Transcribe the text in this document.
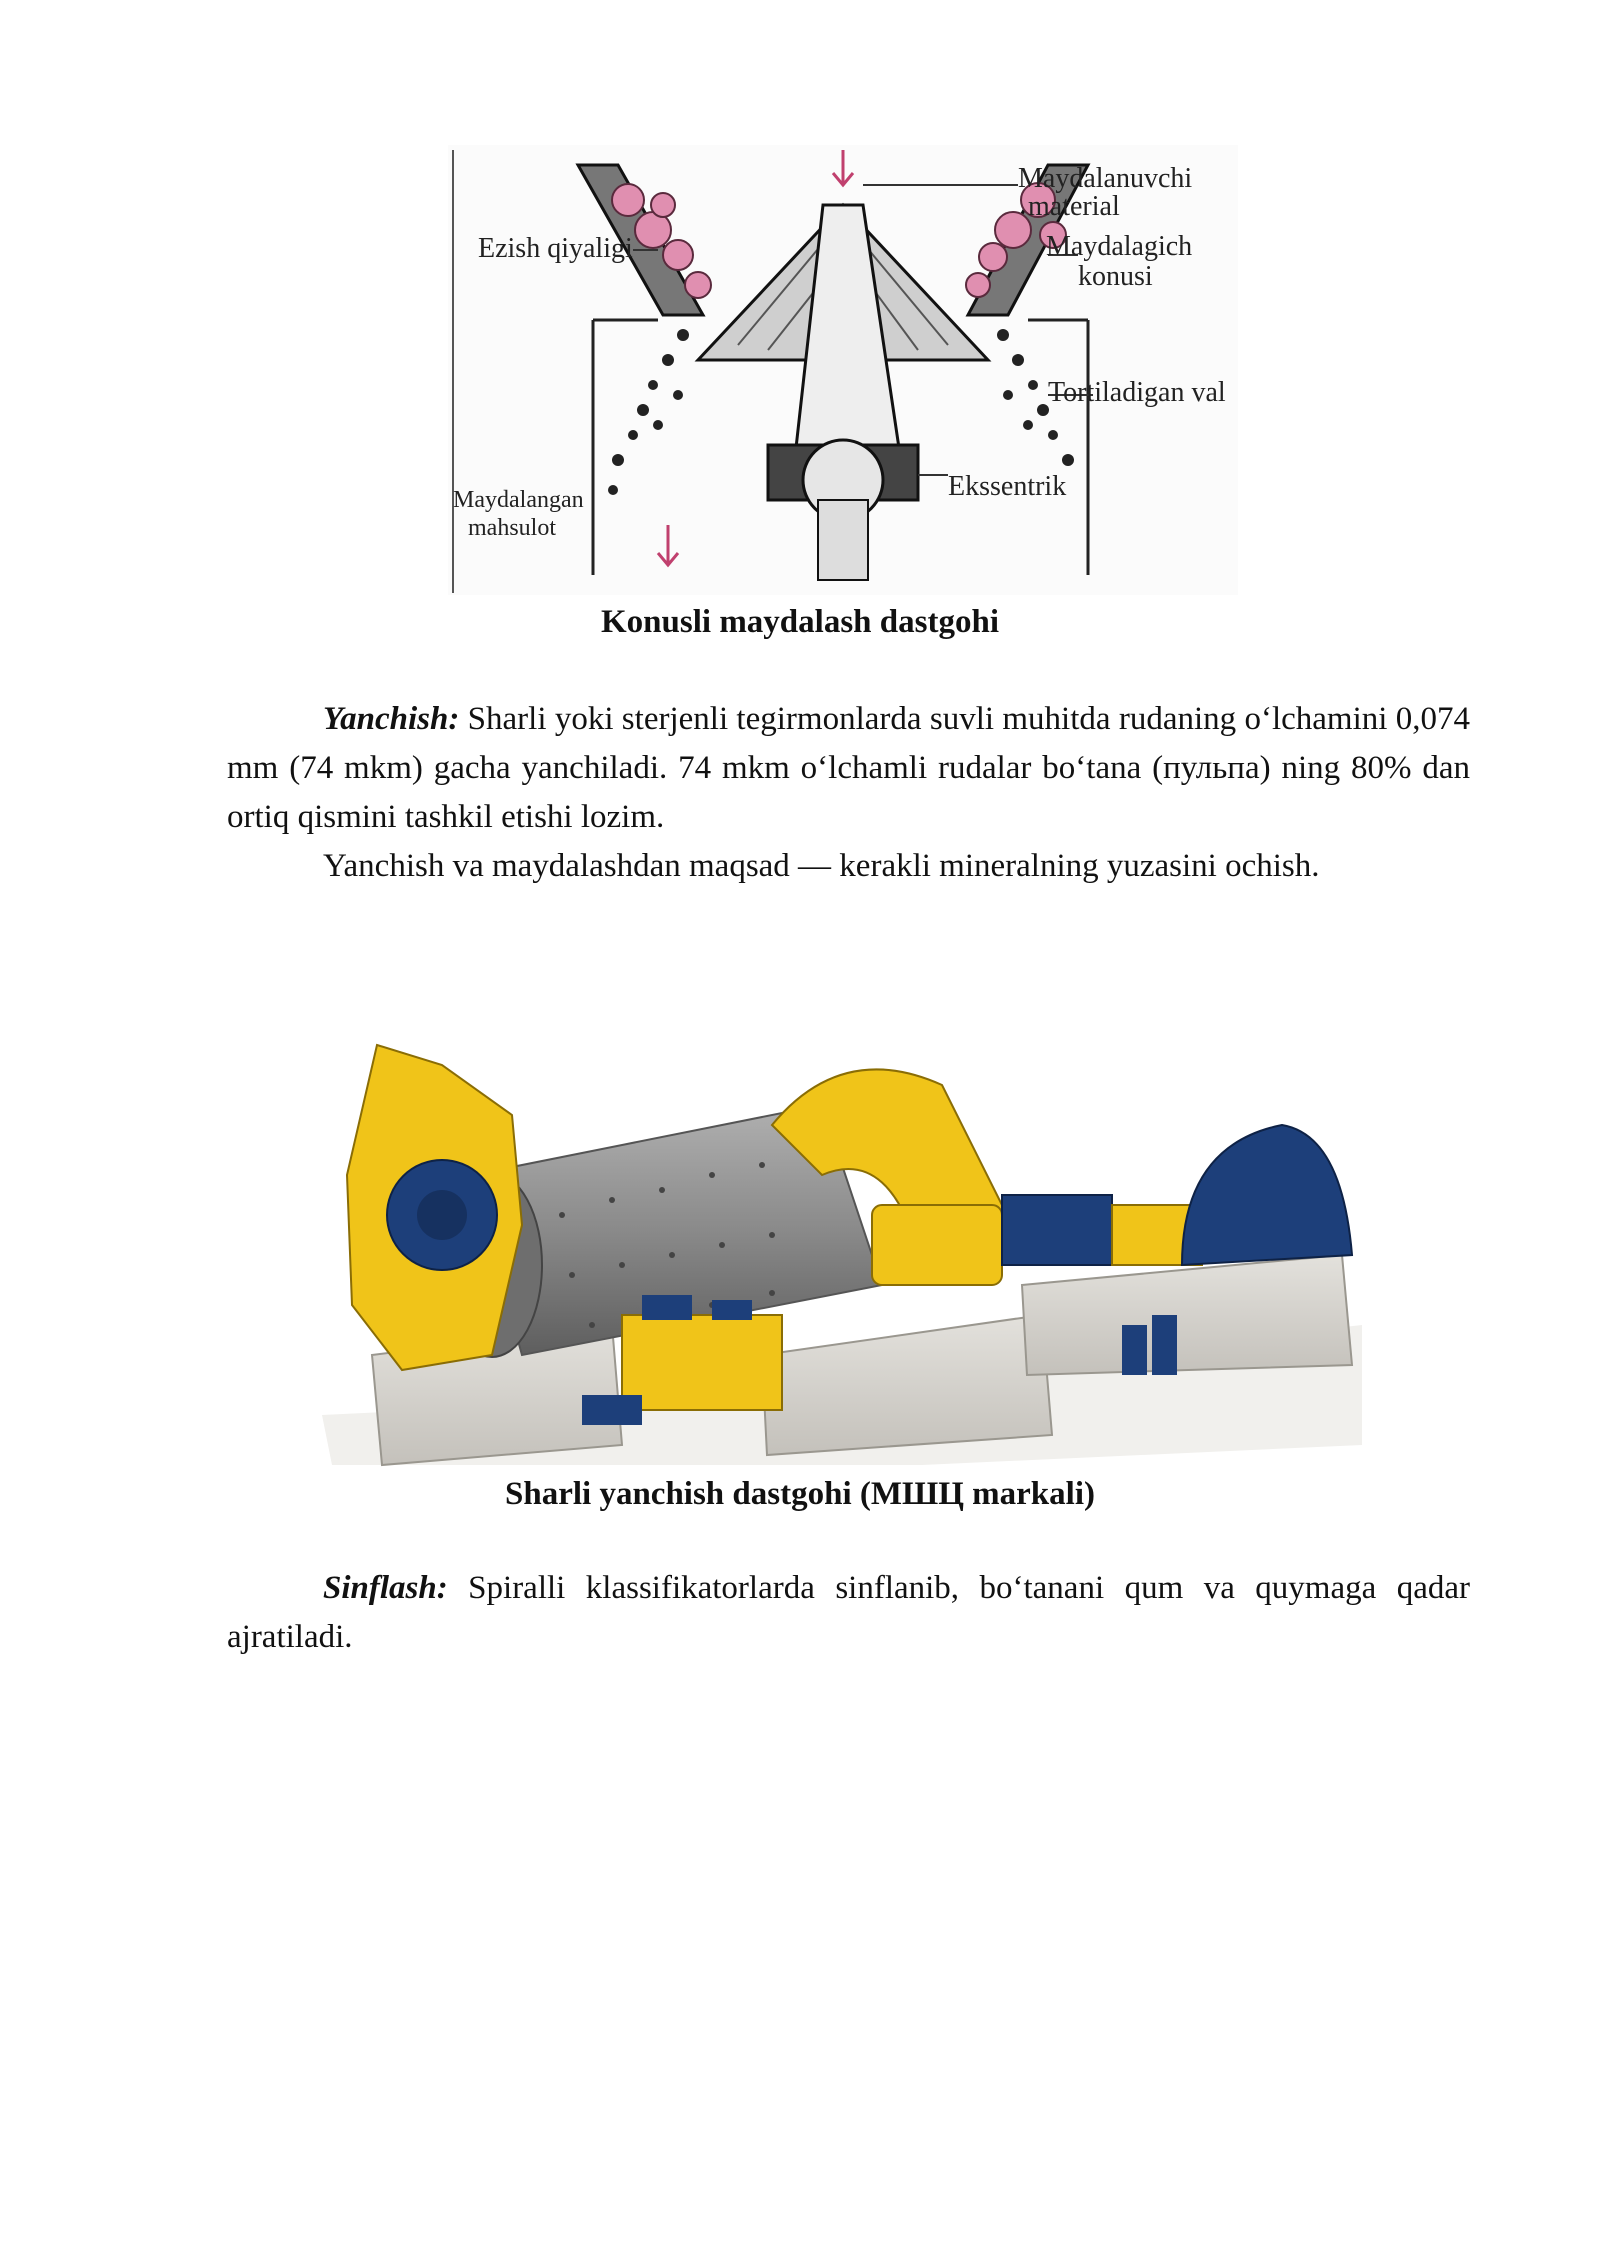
Maydalanuvchi
material
Maydalagich
konusi
Tortiladigan val
Ekssentrik
Ezish qiyaligi
Maydalangan
mahsulot
Konusli maydalash dastgohi

Yanchish: Sharli yoki sterjenli tegirmonlarda suvli muhitda rudaning o‘lchamini 0,074 mm (74 mkm) gacha yanchiladi. 74 mkm o‘lchamli rudalar bo‘tana (пульпа) ning 80% dan ortiq qismini tashkil etishi lozim.

Yanchish va maydalashdan maqsad — kerakli mineralning yuzasini ochish.

Sharli yanchish dastgohi (МШЦ markali)

Sinflash: Spiralli klassifikatorlarda sinflanib, bo‘tanani qum va quymaga qadar ajratiladi.
